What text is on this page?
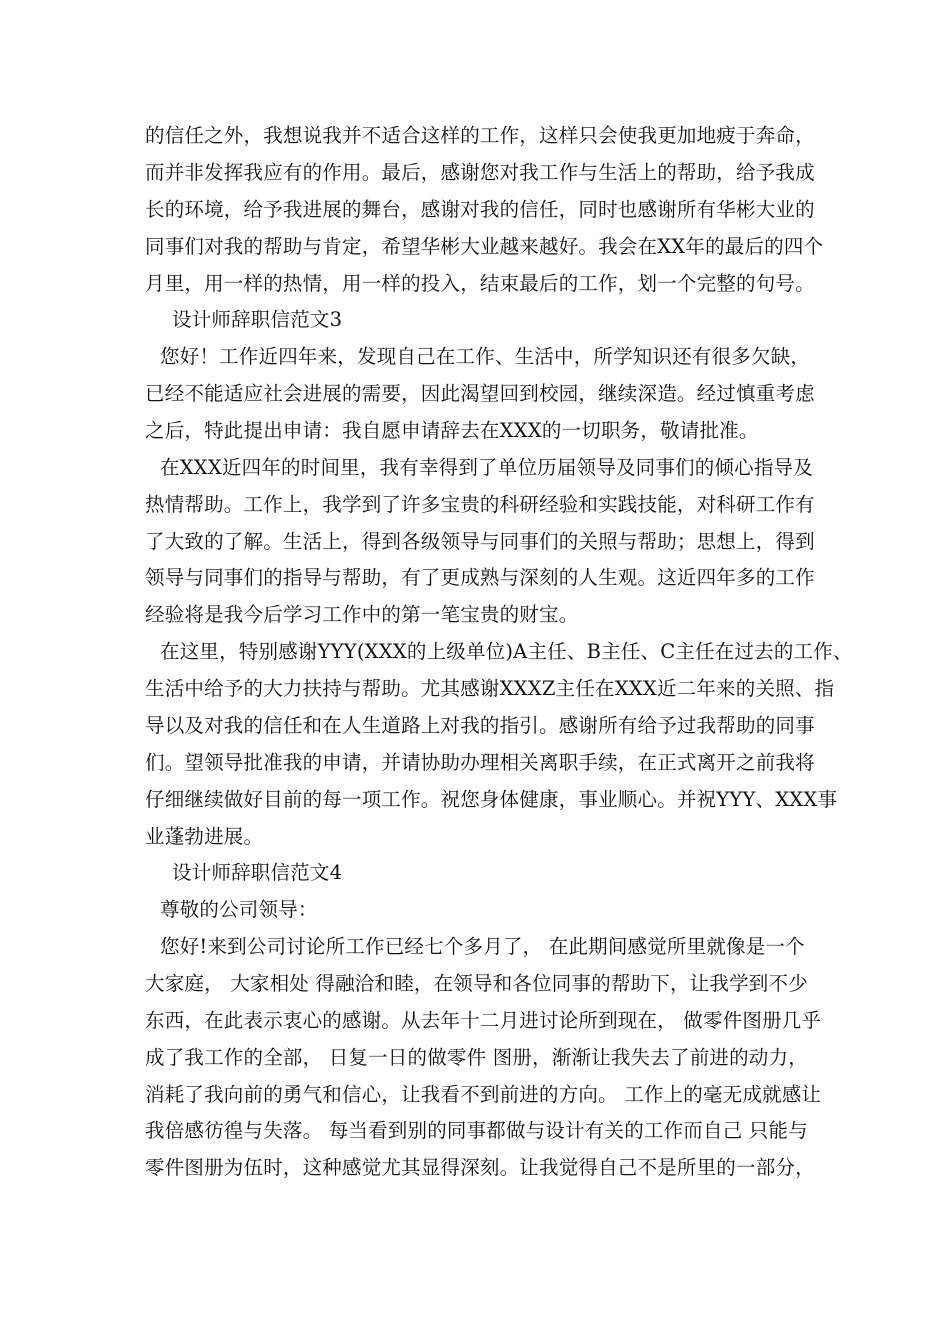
的信任之外，我想说我并不适合这样的工作，这样只会使我更加地疲于奔命，

而并非发挥我应有的作用。最后，感谢您对我工作与生活上的帮助，给予我成

长的环境，给予我进展的舞台，感谢对我的信任，同时也感谢所有华彬大业的

同事们对我的帮助与肯定，希望华彬大业越来越好。我会在XX年的最后的四个

月里，用一样的热情，用一样的投入，结束最后的工作，划一个完整的句号。

设计师辞职信范文3

您好！工作近四年来，发现自己在工作、生活中，所学知识还有很多欠缺，

已经不能适应社会进展的需要，因此渴望回到校园，继续深造。经过慎重考虑

之后，特此提出申请：我自愿申请辞去在XXX的一切职务，敬请批准。

在XXX近四年的时间里，我有幸得到了单位历届领导及同事们的倾心指导及

热情帮助。工作上，我学到了许多宝贵的科研经验和实践技能，对科研工作有

了大致的了解。生活上，得到各级领导与同事们的关照与帮助；思想上，得到

领导与同事们的指导与帮助，有了更成熟与深刻的人生观。这近四年多的工作

经验将是我今后学习工作中的第一笔宝贵的财宝。

在这里，特别感谢YYY(XXX的上级单位)A主任、B主任、C主任在过去的工作、

生活中给予的大力扶持与帮助。尤其感谢XXXZ主任在XXX近二年来的关照、指

导以及对我的信任和在人生道路上对我的指引。感谢所有给予过我帮助的同事

们。望领导批准我的申请，并请协助办理相关离职手续，在正式离开之前我将

仔细继续做好目前的每一项工作。祝您身体健康，事业顺心。并祝YYY、XXX事

业蓬勃进展。

设计师辞职信范文4

尊敬的公司领导：

您好!来到公司讨论所工作已经七个多月了， 在此期间感觉所里就像是一个

大家庭， 大家相处 得融洽和睦，在领导和各位同事的帮助下，让我学到不少

东西，在此表示衷心的感谢。从去年十二月进讨论所到现在， 做零件图册几乎

成了我工作的全部， 日复一日的做零件 图册，渐渐让我失去了前进的动力，

消耗了我向前的勇气和信心，让我看不到前进的方向。 工作上的毫无成就感让

我倍感彷徨与失落。 每当看到别的同事都做与设计有关的工作而自己 只能与

零件图册为伍时，这种感觉尤其显得深刻。让我觉得自己不是所里的一部分，
